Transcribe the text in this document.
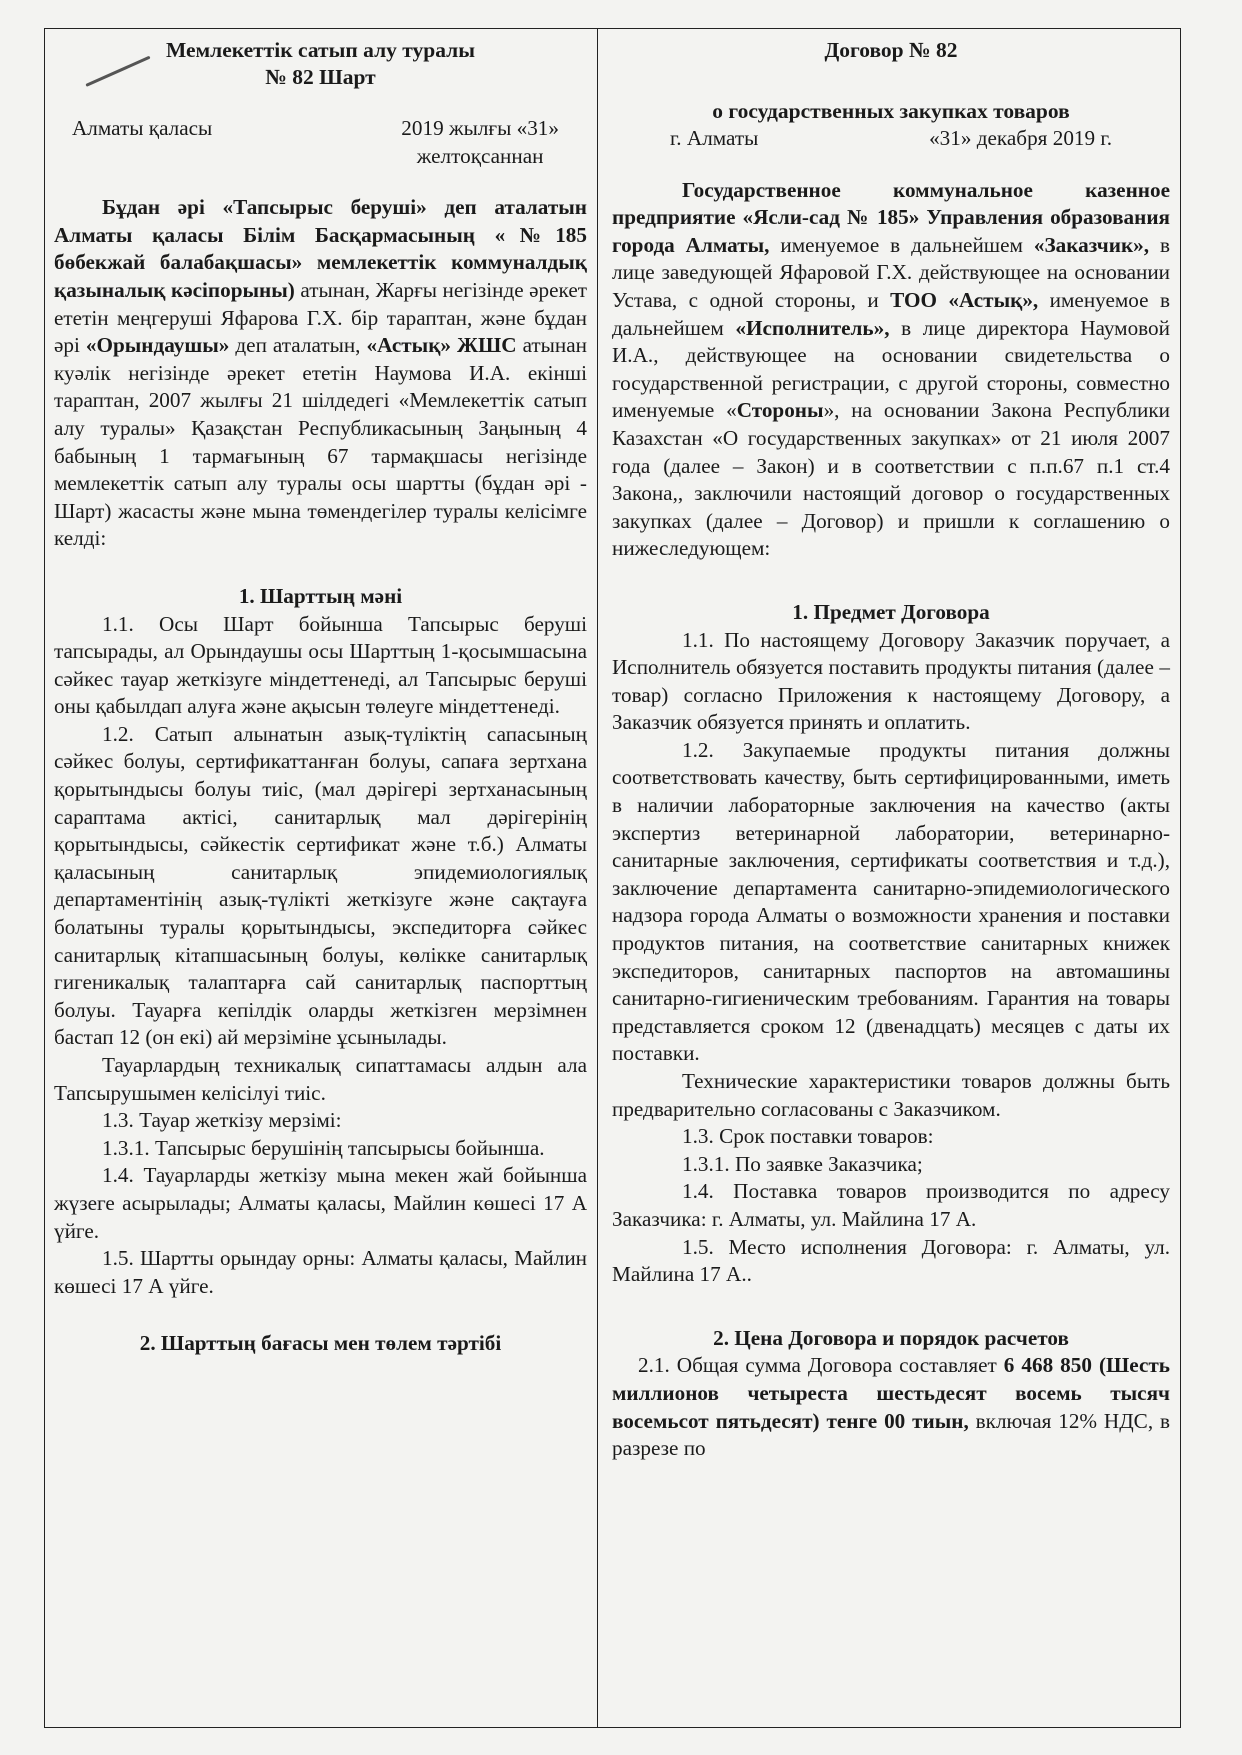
Мемлекеттік сатып алу туралы
№ 82 Шарт
Алматы қаласы	2019 жылғы «31»
желтоқсаннан

Бұдан әрі «Тапсырыс беруші» деп аталатын Алматы қаласы Білім Басқармасының «№185 бөбекжай балабақшасы» мемлекеттік коммуналдық қазыналық кәсіпорыны) атынан, Жарғы негізінде әрекет ететін меңгеруші Яфарова Г.Х. бір тараптан, және бұдан әрі «Орындаушы» деп аталатын, «Астық» ЖШС атынан куәлік негізінде әрекет ететін Наумова И.А. екінші тараптан, 2007 жылғы 21 шілдедегі «Мемлекеттік сатып алу туралы» Қазақстан Республикасының Заңының 4 бабының 1 тармағының 67 тармақшасы негізінде мемлекеттік сатып алу туралы осы шартты (бұдан әрі - Шарт) жасасты және мына төмендегілер туралы келісімге келді:

1. Шарттың мәні

1.1. Осы Шарт бойынша Тапсырыс беруші тапсырады, ал Орындаушы осы Шарттың 1-қосымшасына сәйкес тауар жеткізуге міндеттенеді, ал Тапсырыс беруші оны қабылдап алуға және ақысын төлеуге міндеттенеді.

1.2. Сатып алынатын азық-түліктің сапасының сәйкес болуы, сертификаттанған болуы, сапаға зертхана қорытындысы болуы тиіс, (мал дәрігері зертханасының сараптама актісі, санитарлық мал дәрігерінің қорытындысы, сәйкестік сертификат және т.б.) Алматы қаласының санитарлық эпидемиологиялық департаментінің азық-түлікті жеткізуге және сақтауға болатыны туралы қорытындысы, экспедиторға сәйкес санитарлық кітапшасының болуы, көлікке санитарлық гигеникалық талаптарға сай санитарлық паспорттың болуы. Тауарға кепілдік оларды жеткізген мерзімнен бастап 12 (он екі) ай мерзіміне ұсынылады.

Тауарлардың техникалық сипаттамасы алдын ала Тапсырушымен келісілуі тиіс.

1.3. Тауар жеткізу мерзімі:

1.3.1. Тапсырыс берушінің тапсырысы бойынша.

1.4. Тауарларды жеткізу мына мекен жай бойынша жүзеге асырылады; Алматы қаласы, Майлин көшесі 17 А үйге.

1.5. Шартты орындау орны: Алматы қаласы, Майлин көшесі 17 А үйге.

2. Шарттың бағасы мен төлем тәртібі

Договор № 82
о государственных закупках товаров
г. Алматы	«31» декабря 2019 г.

Государственное коммунальное казенное предприятие «Ясли-сад № 185» Управления образования города Алматы, именуемое в дальнейшем «Заказчик», в лице заведующей Яфаровой Г.Х. действующее на основании Устава, с одной стороны, и ТОО «Астық», именуемое в дальнейшем «Исполнитель», в лице директора Наумовой И.А., действующее на основании свидетельства о государственной регистрации, с другой стороны, совместно именуемые «Стороны», на основании Закона Республики Казахстан «О государственных закупках» от 21 июля 2007 года (далее – Закон) и в соответствии с п.п.67 п.1 ст.4 Закона,, заключили настоящий договор о государственных закупках (далее – Договор) и пришли к соглашению о нижеследующем:

1. Предмет Договора

1.1. По настоящему Договору Заказчик поручает, а Исполнитель обязуется поставить продукты питания (далее – товар) согласно Приложения к настоящему Договору, а Заказчик обязуется принять и оплатить.

1.2. Закупаемые продукты питания должны соответствовать качеству, быть сертифицированными, иметь в наличии лабораторные заключения на качество (акты экспертиз ветеринарной лаборатории, ветеринарно-санитарные заключения, сертификаты соответствия и т.д.), заключение департамента санитарно-эпидемиологического надзора города Алматы о возможности хранения и поставки продуктов питания, на соответствие санитарных книжек экспедиторов, санитарных паспортов на автомашины санитарно-гигиеническим требованиям. Гарантия на товары представляется сроком 12 (двенадцать) месяцев с даты их поставки.

Технические характеристики товаров должны быть предварительно согласованы с Заказчиком.

1.3. Срок поставки товаров:

1.3.1. По заявке Заказчика;

1.4. Поставка товаров производится по адресу Заказчика: г. Алматы, ул. Майлина 17 А.

1.5. Место исполнения Договора: г. Алматы, ул. Майлина 17 А..

2. Цена Договора и порядок расчетов

2.1. Общая сумма Договора составляет 6 468 850 (Шесть миллионов четыреста шестьдесят восемь тысяч восемьсот пятьдесят) тенге 00 тиын, включая 12% НДС, в разрезе по
